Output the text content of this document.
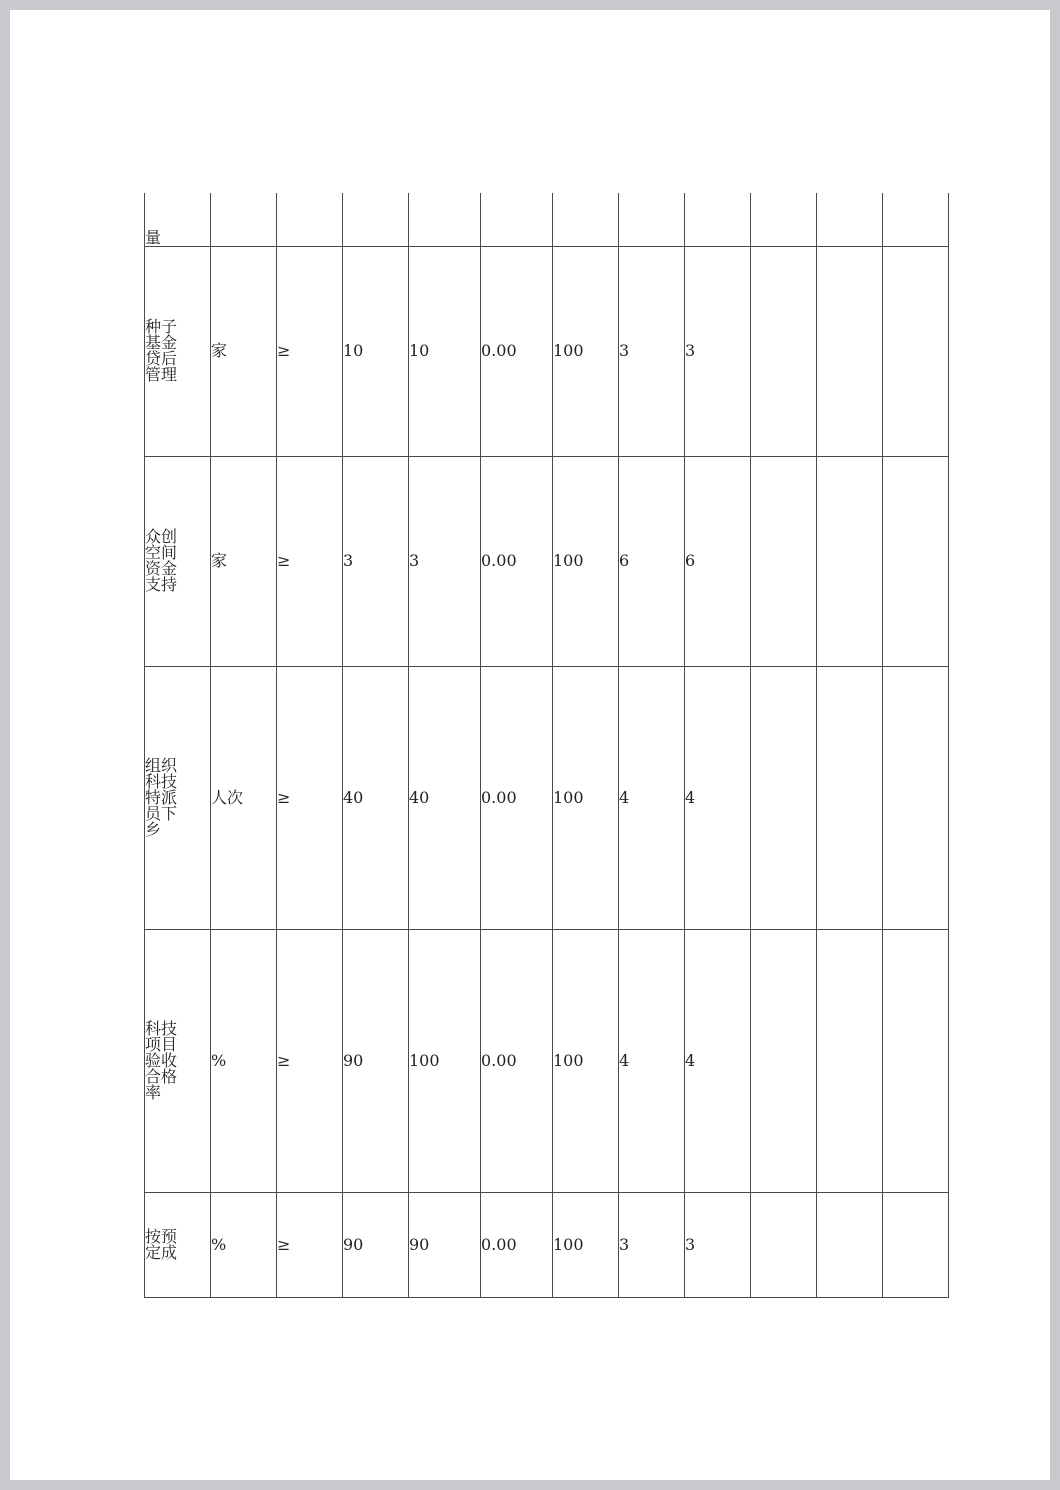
量											
种子
基金
贷后
管理	家	≥	10	10	0.00	100	3	3			
众创
空间
资金
支持	家	≥	3	3	0.00	100	6	6			
组织
科技
特派
员下
乡	人次	≥	40	40	0.00	100	4	4			
科技
项目
验收
合格
率	%	≥	90	100	0.00	100	4	4			
按预
定成	%	≥	90	90	0.00	100	3	3			
